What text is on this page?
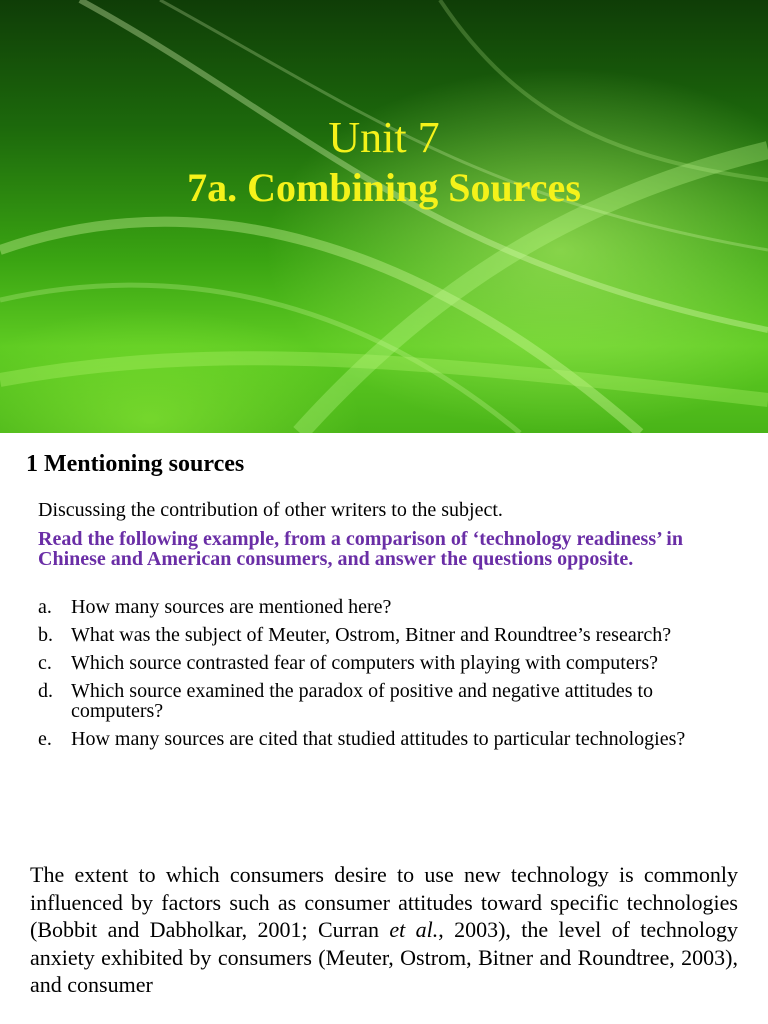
Unit 7
7a. Combining Sources
1 Mentioning sources
Discussing the contribution of other writers to the subject.
Read the following example, from a comparison of ‘technology readiness’ in Chinese and American consumers, and answer the questions opposite.
a. How many sources are mentioned here?
b. What was the subject of Meuter, Ostrom, Bitner and Roundtree’s research?
c. Which source contrasted fear of computers with playing with computers?
d. Which source examined the paradox of positive and negative attitudes to computers?
e. How many sources are cited that studied attitudes to particular technologies?
The extent to which consumers desire to use new technology is commonly influenced by factors such as consumer attitudes toward specific technologies (Bobbit and Dabholkar, 2001; Curran et al., 2003), the level of technology anxiety exhibited by consumers (Meuter, Ostrom, Bitner and Roundtree, 2003), and consumer
